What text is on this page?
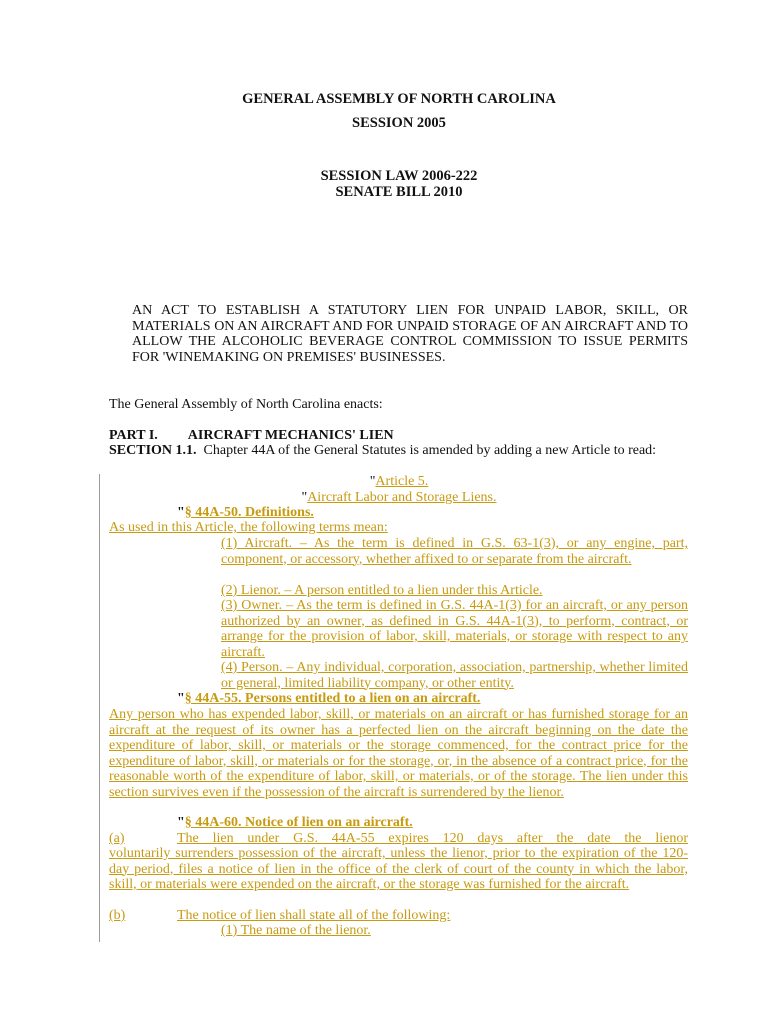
GENERAL ASSEMBLY OF NORTH CAROLINA
SESSION 2005
SESSION LAW 2006-222
SENATE BILL 2010
AN ACT TO ESTABLISH A STATUTORY LIEN FOR UNPAID LABOR, SKILL, OR MATERIALS ON AN AIRCRAFT AND FOR UNPAID STORAGE OF AN AIRCRAFT AND TO ALLOW THE ALCOHOLIC BEVERAGE CONTROL COMMISSION TO ISSUE PERMITS FOR 'WINEMAKING ON PREMISES' BUSINESSES.
The General Assembly of North Carolina enacts:
PART I. AIRCRAFT MECHANICS' LIEN
SECTION 1.1. Chapter 44A of the General Statutes is amended by adding a new Article to read:
"Article 5.
"Aircraft Labor and Storage Liens.
"§ 44A-50. Definitions.
As used in this Article, the following terms mean:
(1) Aircraft. – As the term is defined in G.S. 63-1(3), or any engine, part, component, or accessory, whether affixed to or separate from the aircraft.
(2) Lienor. – A person entitled to a lien under this Article.
(3) Owner. – As the term is defined in G.S. 44A-1(3) for an aircraft, or any person authorized by an owner, as defined in G.S. 44A-1(3), to perform, contract, or arrange for the provision of labor, skill, materials, or storage with respect to any aircraft.
(4) Person. – Any individual, corporation, association, partnership, whether limited or general, limited liability company, or other entity.
"§ 44A-55. Persons entitled to a lien on an aircraft.
Any person who has expended labor, skill, or materials on an aircraft or has furnished storage for an aircraft at the request of its owner has a perfected lien on the aircraft beginning on the date the expenditure of labor, skill, or materials or the storage commenced, for the contract price for the expenditure of labor, skill, or materials or for the storage, or, in the absence of a contract price, for the reasonable worth of the expenditure of labor, skill, or materials, or of the storage. The lien under this section survives even if the possession of the aircraft is surrendered by the lienor.
"§ 44A-60. Notice of lien on an aircraft.
(a)	The lien under G.S. 44A-55 expires 120 days after the date the lienor
voluntarily surrenders possession of the aircraft, unless the lienor, prior to the expiration of the 120-day period, files a notice of lien in the office of the clerk of court of the county in which the labor, skill, or materials were expended on the aircraft, or the storage was furnished for the aircraft.
(b)	The notice of lien shall state all of the following:
(1) The name of the lienor.
